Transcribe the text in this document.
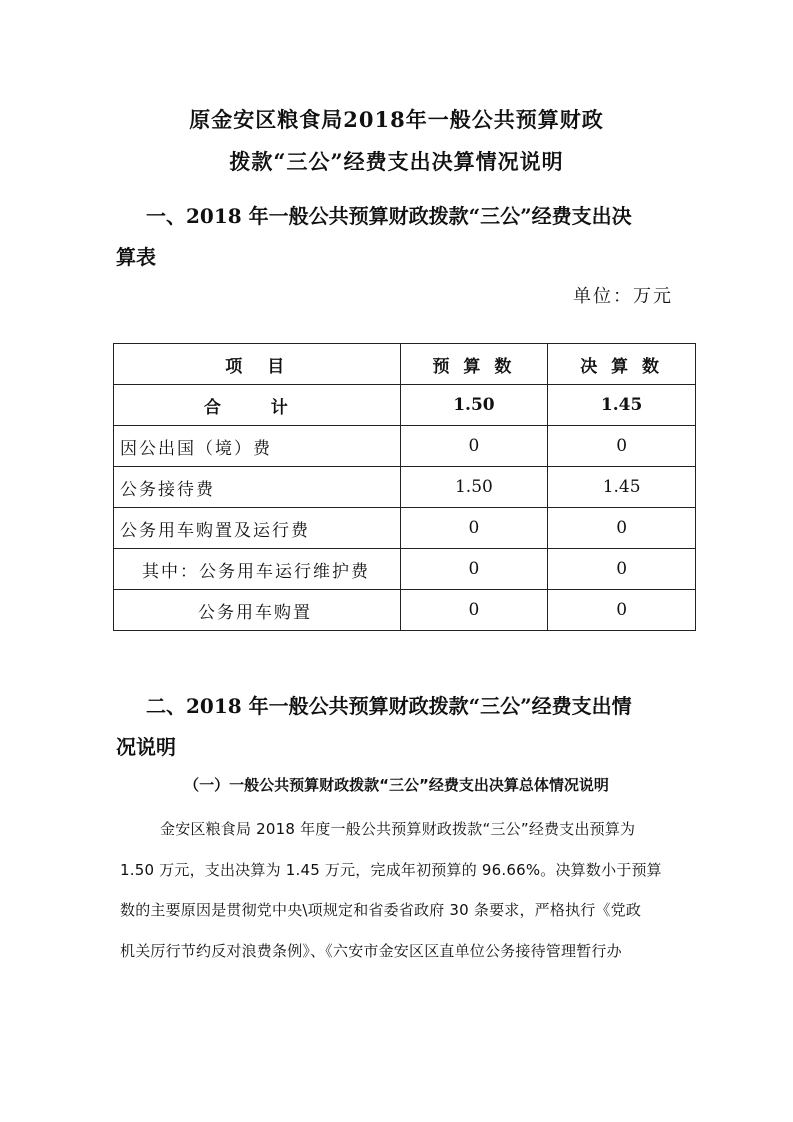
原金安区粮食局2018年一般公共预算财政
拨款“三公”经费支出决算情况说明
一、2018 年一般公共预算财政拨款“三公”经费支出决
算表
单位：万元
项　目	预 算 数	决 算 数
合 计	1.50	1.45
因公出国（境）费	0	0
公务接待费	1.50	1.45
公务用车购置及运行费	0	0
其中：公务用车运行维护费	0	0
公务用车购置	0	0
二、2018 年一般公共预算财政拨款“三公”经费支出情
况说明
（一）一般公共预算财政拨款“三公”经费支出决算总体情况说明
金安区粮食局 2018 年度一般公共预算财政拨款“三公”经费支出预算为
1.50 万元，支出决算为 1.45 万元，完成年初预算的 96.66%。决算数小于预算
数的主要原因是贯彻党中央\项规定和省委省政府 30 条要求，严格执行《党政
机关厉行节约反对浪费条例》、《六安市金安区区直单位公务接待管理暂行办
